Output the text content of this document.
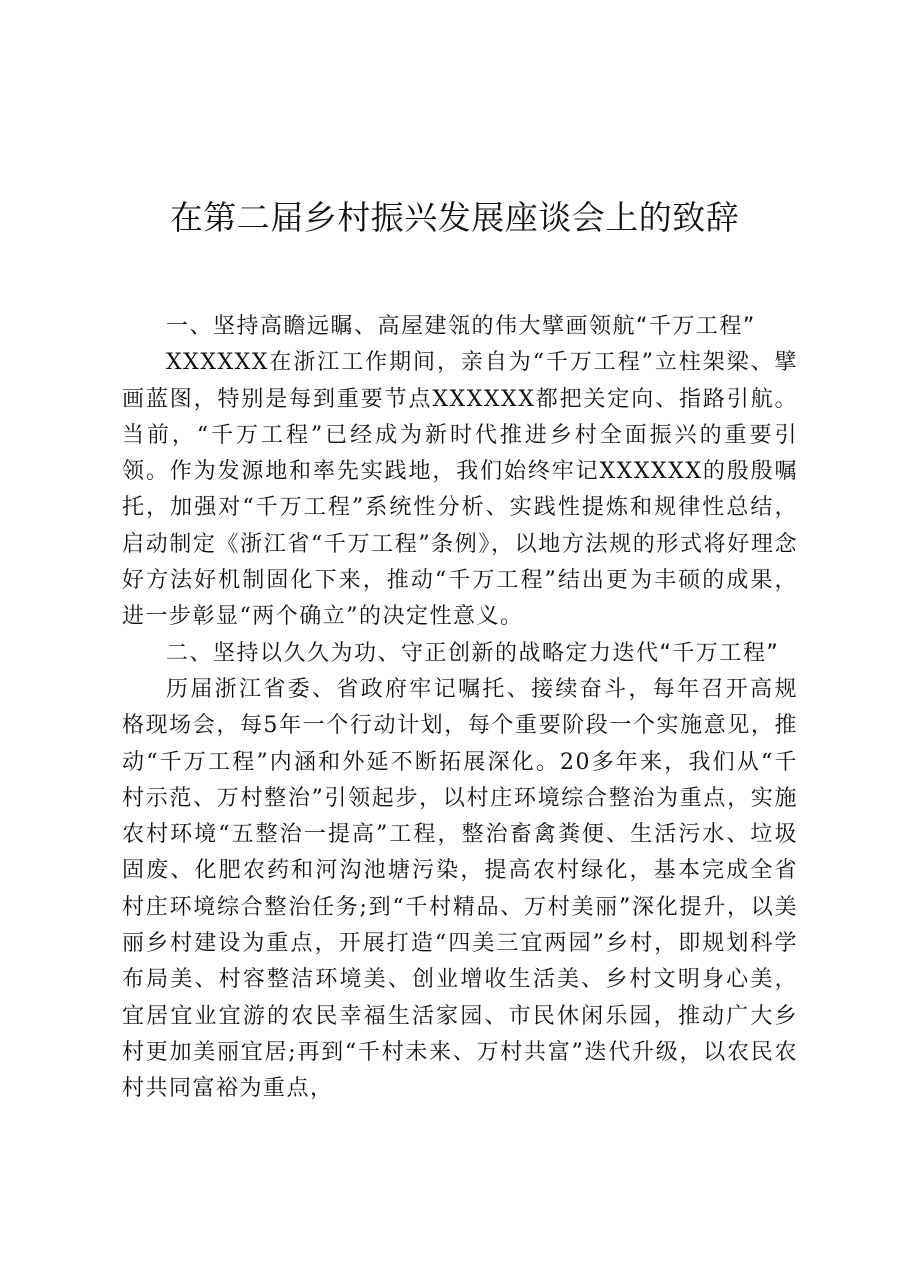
在第二届乡村振兴发展座谈会上的致辞
一、坚持高瞻远瞩、高屋建瓴的伟大擘画领航“千万工程”

XXXXXX在浙江工作期间，亲自为“千万工程”立柱架梁、擘画蓝图，特别是每到重要节点XXXXXX都把关定向、指路引航。当前，“千万工程”已经成为新时代推进乡村全面振兴的重要引领。作为发源地和率先实践地，我们始终牢记XXXXXX的殷殷嘱托，加强对“千万工程”系统性分析、实践性提炼和规律性总结，启动制定《浙江省“千万工程”条例》，以地方法规的形式将好理念好方法好机制固化下来，推动“千万工程”结出更为丰硕的成果，进一步彰显“两个确立”的决定性意义。

二、坚持以久久为功、守正创新的战略定力迭代“千万工程”

历届浙江省委、省政府牢记嘱托、接续奋斗，每年召开高规格现场会，每5年一个行动计划，每个重要阶段一个实施意见，推动“千万工程”内涵和外延不断拓展深化。20多年来，我们从“千村示范、万村整治”引领起步，以村庄环境综合整治为重点，实施农村环境“五整治一提高”工程，整治畜禽粪便、生活污水、垃圾固废、化肥农药和河沟池塘污染，提高农村绿化，基本完成全省村庄环境综合整治任务;到“千村精品、万村美丽”深化提升，以美丽乡村建设为重点，开展打造“四美三宜两园”乡村，即规划科学布局美、村容整洁环境美、创业增收生活美、乡村文明身心美，宜居宜业宜游的农民幸福生活家园、市民休闲乐园，推动广大乡村更加美丽宜居;再到“千村未来、万村共富”迭代升级，以农民农村共同富裕为重点，
